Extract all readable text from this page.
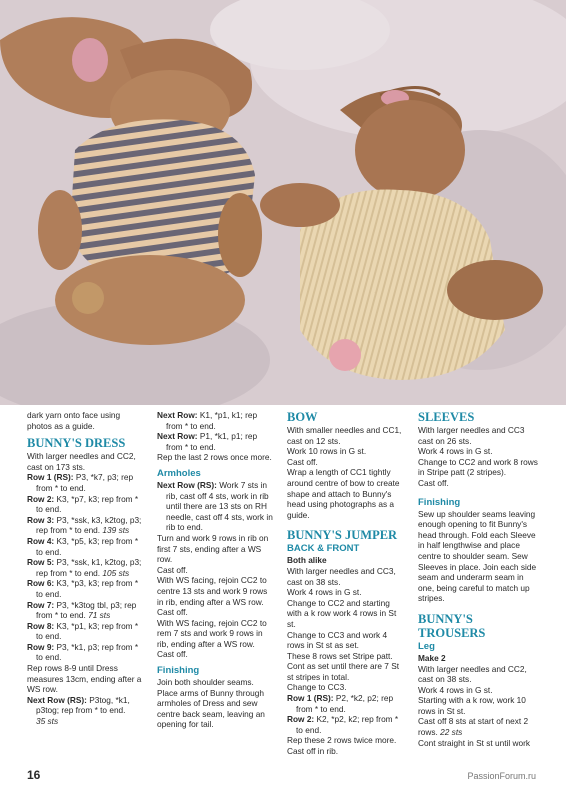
dark yarn onto face using photos as a guide.

BUNNY'S DRESS

With larger needles and CC2, cast on 173 sts.

Row 1 (RS): P3, *k7, p3; rep from * to end.

Row 2: K3, *p7, k3; rep from * to end.

Row 3: P3, *ssk, k3, k2tog, p3; rep from * to end. 139 sts

Row 4: K3, *p5, k3; rep from * to end.

Row 5: P3, *ssk, k1, k2tog, p3; rep from * to end. 105 sts

Row 6: K3, *p3, k3; rep from * to end.

Row 7: P3, *k3tog tbl, p3; rep from * to end. 71 sts

Row 8: K3, *p1, k3; rep from * to end.

Row 9: P3, *k1, p3; rep from * to end.

Rep rows 8-9 until Dress measures 13cm, ending after a WS row.

Next Row (RS): P3tog, *k1, p3tog; rep from * to end.
35 sts

Next Row: K1, *p1, k1; rep from * to end.

Next Row: P1, *k1, p1; rep from * to end.

Rep the last 2 rows once more.

Armholes

Next Row (RS): Work 7 sts in rib, cast off 4 sts, work in rib until there are 13 sts on RH needle, cast off 4 sts, work in rib to end.

Turn and work 9 rows in rib on first 7 sts, ending after a WS row.

Cast off.

With WS facing, rejoin CC2 to centre 13 sts and work 9 rows in rib, ending after a WS row.

Cast off.

With WS facing, rejoin CC2 to rem 7 sts and work 9 rows in rib, ending after a WS row.

Cast off.

Finishing

Join both shoulder seams. Place arms of Bunny through armholes of Dress and sew centre back seam, leaving an opening for tail.

BOW

With smaller needles and CC1, cast on 12 sts.

Work 10 rows in G st.

Cast off.

Wrap a length of CC1 tightly around centre of bow to create shape and attach to Bunny's head using photographs as a guide.

BUNNY'S JUMPER
BACK & FRONT

Both alike

With larger needles and CC3, cast on 38 sts.

Work 4 rows in G st.

Change to CC2 and starting with a k row work 4 rows in St st.

Change to CC3 and work 4 rows in St st as set.

These 8 rows set Stripe patt.

Cont as set until there are 7 St st stripes in total.

Change to CC3.

Row 1 (RS): P2, *k2, p2; rep from * to end.

Row 2: K2, *p2, k2; rep from * to end.

Rep these 2 rows twice more.

Cast off in rib.

SLEEVES

With larger needles and CC3 cast on 26 sts.

Work 4 rows in G st.

Change to CC2 and work 8 rows in Stripe patt (2 stripes).

Cast off.

Finishing

Sew up shoulder seams leaving enough opening to fit Bunny's head through. Fold each Sleeve in half lengthwise and place centre to shoulder seam. Sew Sleeves in place. Join each side seam and underarm seam in one, being careful to match up stripes.

BUNNY'S TROUSERS
Leg

Make 2

With larger needles and CC2, cast on 38 sts.

Work 4 rows in G st.

Starting with a k row, work 10 rows in St st.

Cast off 8 sts at start of next 2 rows. 22 sts

Cont straight in St st until work

16	PassionForum.ru
